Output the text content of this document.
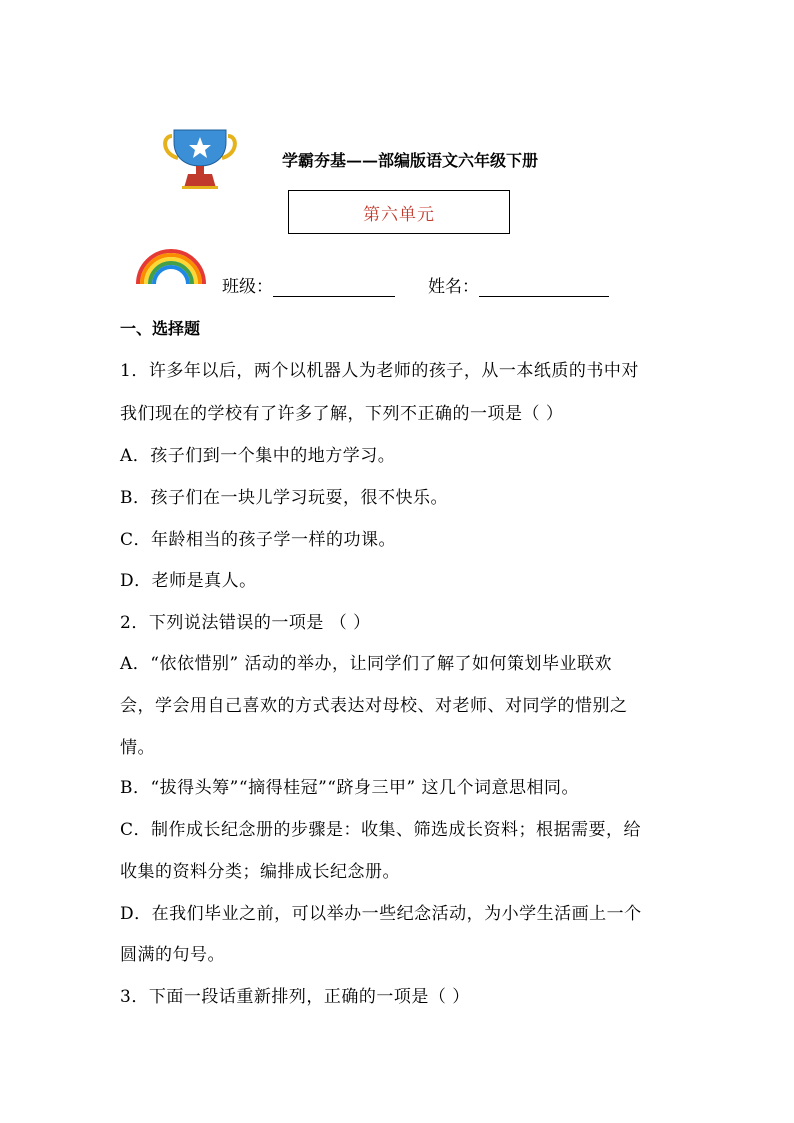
学霸夯基——部编版语文六年级下册
第六单元
班级：	姓名：
一、选择题
1．许多年以后，两个以机器人为老师的孩子，从一本纸质的书中对
我们现在的学校有了许多了解，下列不正确的一项是（ ）
A．孩子们到一个集中的地方学习。
B．孩子们在一块儿学习玩耍，很不快乐。
C．年龄相当的孩子学一样的功课。
D．老师是真人。
2．下列说法错误的一项是 （ ）
A．“依依惜别” 活动的举办，让同学们了解了如何策划毕业联欢
会，学会用自己喜欢的方式表达对母校、对老师、对同学的惜别之
情。
B．“拔得头筹”“摘得桂冠”“跻身三甲” 这几个词意思相同。
C．制作成长纪念册的步骤是：收集、筛选成长资料；根据需要，给
收集的资料分类；编排成长纪念册。
D．在我们毕业之前，可以举办一些纪念活动，为小学生活画上一个
圆满的句号。
3．下面一段话重新排列，正确的一项是（ ）
